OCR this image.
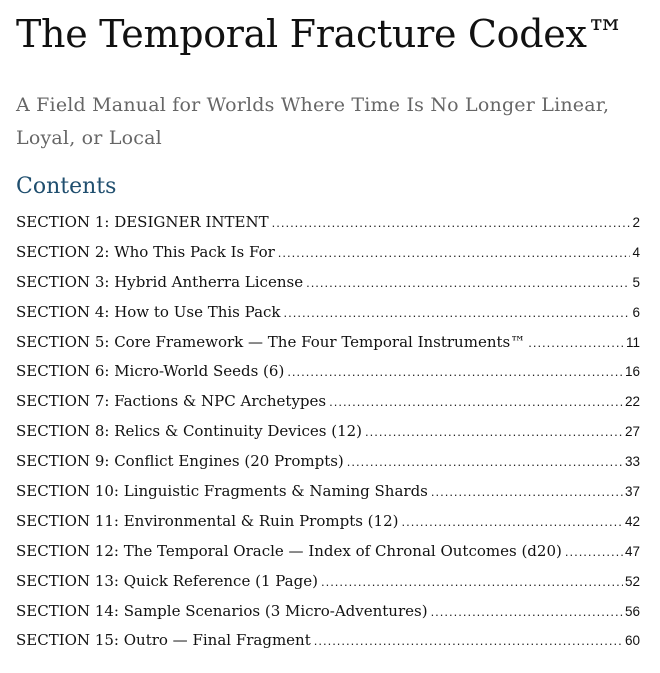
The Temporal Fracture Codex™

A Field Manual for Worlds Where Time Is No Longer Linear, Loyal, or Local

Contents
SECTION 1: DESIGNER INTENT .....	2
SECTION 2: Who This Pack Is For .....	4
SECTION 3: Hybrid Antherra License .....	5
SECTION 4: How to Use This Pack .....	6
SECTION 5: Core Framework — The Four Temporal Instruments™ .....	11
SECTION 6: Micro-World Seeds (6) .....	16
SECTION 7: Factions & NPC Archetypes .....	22
SECTION 8: Relics & Continuity Devices (12) .....	27
SECTION 9: Conflict Engines (20 Prompts) .....	33
SECTION 10: Linguistic Fragments & Naming Shards .....	37
SECTION 11: Environmental & Ruin Prompts (12) .....	42
SECTION 12: The Temporal Oracle — Index of Chronal Outcomes (d20) .....	47
SECTION 13: Quick Reference (1 Page) .....	52
SECTION 14: Sample Scenarios (3 Micro-Adventures) .....	56
SECTION 15: Outro — Final Fragment .....	60
